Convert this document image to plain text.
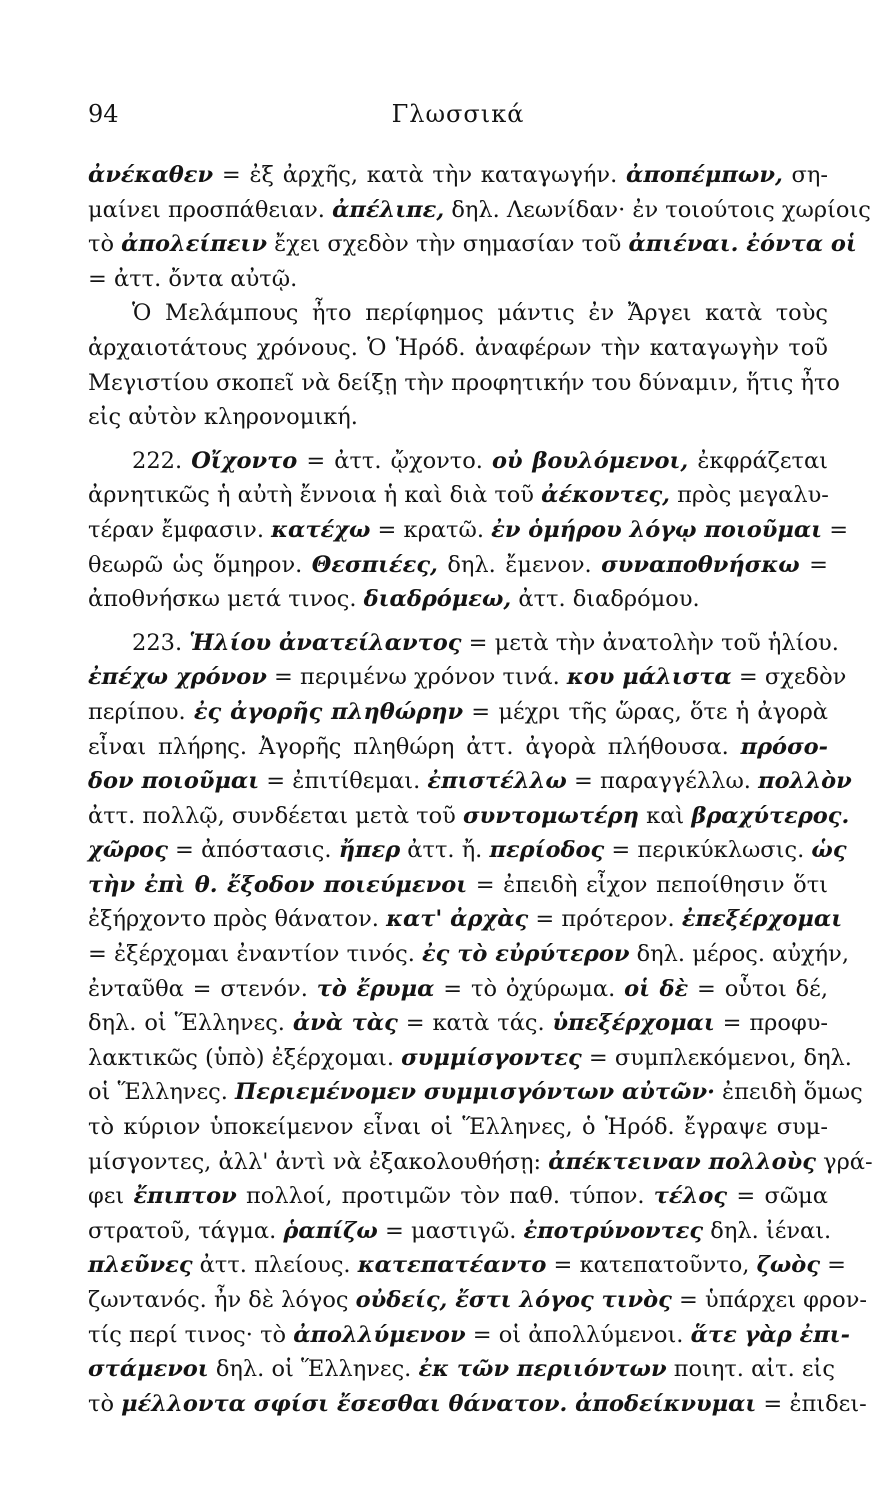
94	Γλωσσικά
ἀνέκαθεν = ἐξ ἀρχῆς, κατὰ τὴν καταγωγήν. ἀποπέμπων, ση-
μαίνει προσπάθειαν. ἀπέλιπε, δηλ. Λεωνίδαν· ἐν τοιούτοις χωρίοις
τὸ ἀπολείπειν ἔχει σχεδὸν τὴν σημασίαν τοῦ ἀπιέναι. ἐόντα οἱ
= ἀττ. ὄντα αὐτῷ.
Ὁ Μελάμπους ἦτο περίφημος μάντις ἐν Ἄργει κατὰ τοὺς
ἀρχαιοτάτους χρόνους. Ὁ Ἡρόδ. ἀναφέρων τὴν καταγωγὴν τοῦ
Μεγιστίου σκοπεῖ νὰ δείξῃ τὴν προφητικήν του δύναμιν, ἥτις ἦτο
εἰς αὐτὸν κληρονομική.
222. Οἴχοντο = ἀττ. ᾤχοντο. οὐ βουλόμενοι, ἐκφράζεται
ἀρνητικῶς ἡ αὐτὴ ἔννοια ἡ καὶ διὰ τοῦ ἀέκοντες, πρὸς μεγαλυ-
τέραν ἔμφασιν. κατέχω = κρατῶ. ἐν ὁμήρου λόγῳ ποιοῦμαι =
θεωρῶ ὡς ὅμηρον. Θεσπιέες, δηλ. ἔμενον. συναποθνήσκω =
ἀποθνήσκω μετά τινος. διαδρόμεω, ἀττ. διαδρόμου.
223. Ἡλίου ἀνατείλαντος = μετὰ τὴν ἀνατολὴν τοῦ ἡλίου.
ἐπέχω χρόνον = περιμένω χρόνον τινά. κου μάλιστα = σχεδὸν
περίπου. ἐς ἀγορῆς πληθώρην = μέχρι τῆς ὥρας, ὅτε ἡ ἀγορὰ
εἶναι πλήρης. Ἀγορῆς πληθώρη ἀττ. ἀγορὰ πλήθουσα. πρόσο-
δον ποιοῦμαι = ἐπιτίθεμαι. ἐπιστέλλω = παραγγέλλω. πολλὸν
ἀττ. πολλῷ, συνδέεται μετὰ τοῦ συντομωτέρη καὶ βραχύτερος.
χῶρος = ἀπόστασις. ἤπερ ἀττ. ἤ. περίοδος = περικύκλωσις. ὡς
τὴν ἐπὶ θ. ἔξοδον ποιεύμενοι = ἐπειδὴ εἶχον πεποίθησιν ὅτι
ἐξήρχοντο πρὸς θάνατον. κατ' ἀρχὰς = πρότερον. ἐπεξέρχομαι
= ἐξέρχομαι ἐναντίον τινός. ἐς τὸ εὐρύτερον δηλ. μέρος. αὐχήν,
ἐνταῦθα = στενόν. τὸ ἔρυμα = τὸ ὀχύρωμα. οἱ δὲ = οὗτοι δέ,
δηλ. οἱ Ἕλληνες. ἀνὰ τὰς = κατὰ τάς. ὑπεξέρχομαι = προφυ-
λακτικῶς (ὑπὸ) ἐξέρχομαι. συμμίσγοντες = συμπλεκόμενοι, δηλ.
οἱ Ἕλληνες. Περιεμένομεν συμμισγόντων αὐτῶν· ἐπειδὴ ὅμως
τὸ κύριον ὑποκείμενον εἶναι οἱ Ἕλληνες, ὁ Ἡρόδ. ἔγραψε συμ-
μίσγοντες, ἀλλ' ἀντὶ νὰ ἐξακολουθήσῃ: ἀπέκτειναν πολλοὺς γρά-
φει ἔπιπτον πολλοί, προτιμῶν τὸν παθ. τύπον. τέλος = σῶμα
στρατοῦ, τάγμα. ῥαπίζω = μαστιγῶ. ἐποτρύνοντες δηλ. ἰέναι.
πλεῦνες ἀττ. πλείους. κατεπατέαντο = κατεπατοῦντο, ζωὸς =
ζωντανός. ἦν δὲ λόγος οὐδείς, ἔστι λόγος τινὸς = ὑπάρχει φρον-
τίς περί τινος· τὸ ἀπολλύμενον = οἱ ἀπολλύμενοι. ἅτε γὰρ ἐπι-
στάμενοι δηλ. οἱ Ἕλληνες. ἐκ τῶν περιιόντων ποιητ. αἰτ. εἰς
τὸ μέλλοντα σφίσι ἔσεσθαι θάνατον. ἀποδείκνυμαι = ἐπιδει-
